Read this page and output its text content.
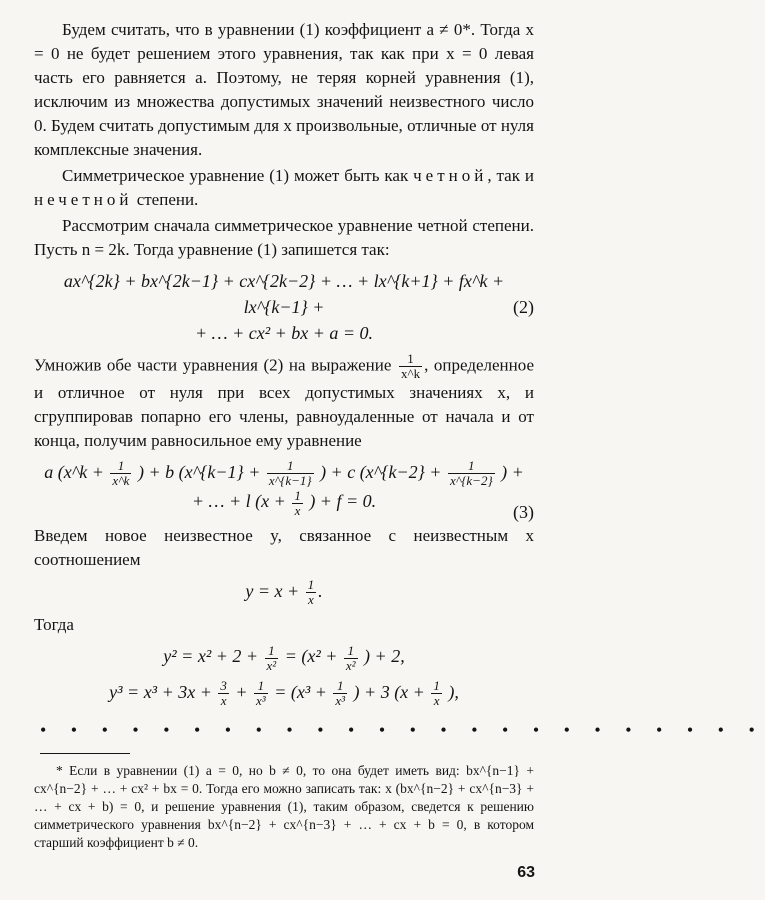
Будем считать, что в уравнении (1) коэффициент a ≠ 0*. Тогда x = 0 не будет решением этого уравнения, так как при x = 0 левая часть его равняется a. Поэтому, не теряя корней уравнения (1), исключим из множества допустимых значений неизвестного число 0. Будем считать допустимым для x произвольные, отличные от нуля комплексные значения.

Симметрическое уравнение (1) может быть как четной, так и нечетной степени.

Рассмотрим сначала симметрическое уравнение четной степени. Пусть n = 2k. Тогда уравнение (1) запишется так:

ax^{2k} + bx^{2k−1} + cx^{2k−2} + … + lx^{k+1} + fx^k + lx^{k−1} +
+ … + cx² + bx + a = 0.
(2)

Умножив обе части уравнения (2) на выражение $\frac{1}{x\^{}k}$ , определенное и отличное от нуля при всех допустимых значениях x, и сгруппировав попарно его члены, равноудаленные от начала и от конца, получим равносильное ему уравнение

a (x^k + $\frac{1}{x\^{}k}$ ) + b (x^{k−1} + $\frac{1}{x\^{}\{k-1\}}$ ) + c (x^{k−2} + $\frac{1}{x\^{}\{k-2\}}$ ) +
+ … + l ($x + \frac{1}{x}$ ) + f = 0.
(3)

Введем новое неизвестное y, связанное с неизвестным x соотношением

$y = x + \frac{1}{x}$ .

Тогда

$y^2 = x^2 + 2 + \frac{1}{\text{x²}} = (x^2 + \frac{1}{\text{x²}}$ ) + 2,
$y^3 = x^3 + 3x + \frac{3}{x} + \frac{1}{\text{x³}} = (x^3 + \frac{1}{\text{x³}}$ ) + 3 ($x + \frac{1}{x}$ ),
• • • • • • • • • • • • • • • • • • • • • • • •

* Если в уравнении (1) a = 0, но b ≠ 0, то она будет иметь вид: bx^{n−1} + cx^{n−2} + … + cx² + bx = 0. Тогда его можно записать так: x (bx^{n−2} + cx^{n−3} + … + cx + b) = 0, и решение уравнения (1), таким образом, сведется к решению симметрического уравнения bx^{n−2} + cx^{n−3} + … + cx + b = 0, в котором старший коэффициент b ≠ 0.

63
